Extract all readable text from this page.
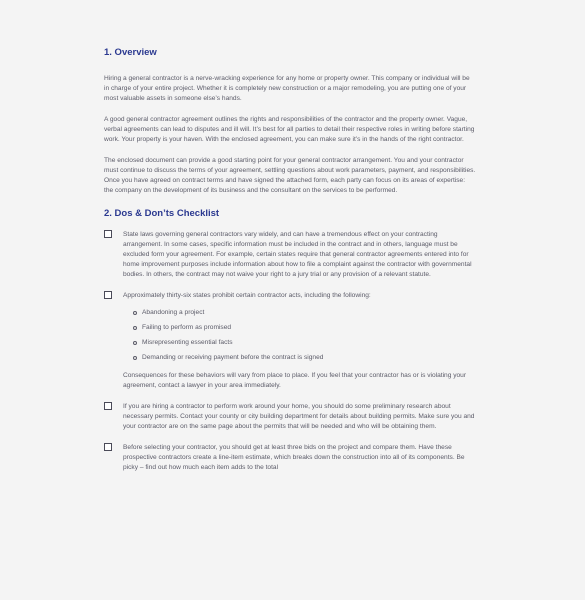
1. Overview

Hiring a general contractor is a nerve-wracking experience for any home or property owner. This company or individual will be in charge of your entire project. Whether it is completely new construction or a major remodeling, you are putting one of your most valuable assets in someone else’s hands.

A good general contractor agreement outlines the rights and responsibilities of the contractor and the property owner. Vague, verbal agreements can lead to disputes and ill will. It’s best for all parties to detail their respective roles in writing before starting work. Your property is your haven. With the enclosed agreement, you can make sure it’s in the hands of the right contractor.

The enclosed document can provide a good starting point for your general contractor arrangement. You and your contractor must continue to discuss the terms of your agreement, settling questions about work parameters, payment, and responsibilities. Once you have agreed on contract terms and have signed the attached form, each party can focus on its areas of expertise: the company on the development of its business and the consultant on the services to be performed.

2. Dos & Don’ts Checklist

State laws governing general contractors vary widely, and can have a tremendous effect on your contracting arrangement. In some cases, specific information must be included in the contract and in others, language must be excluded form your agreement. For example, certain states require that general contractor agreements entered into for home improvement purposes include information about how to file a complaint against the contractor with governmental bodies. In others, the contract may not waive your right to a jury trial or any provision of a relevant statute.

Approximately thirty-six states prohibit certain contractor acts, including the following:

Abandoning a project
Failing to perform as promised
Misrepresenting essential facts
Demanding or receiving payment before the contract is signed

Consequences for these behaviors will vary from place to place. If you feel that your contractor has or is violating your agreement, contact a lawyer in your area immediately.

If you are hiring a contractor to perform work around your home, you should do some preliminary research about necessary permits. Contact your county or city building department for details about building permits. Make sure you and your contractor are on the same page about the permits that will be needed and who will be obtaining them.

Before selecting your contractor, you should get at least three bids on the project and compare them. Have these prospective contractors create a line-item estimate, which breaks down the construction into all of its components. Be picky – find out how much each item adds to the total
